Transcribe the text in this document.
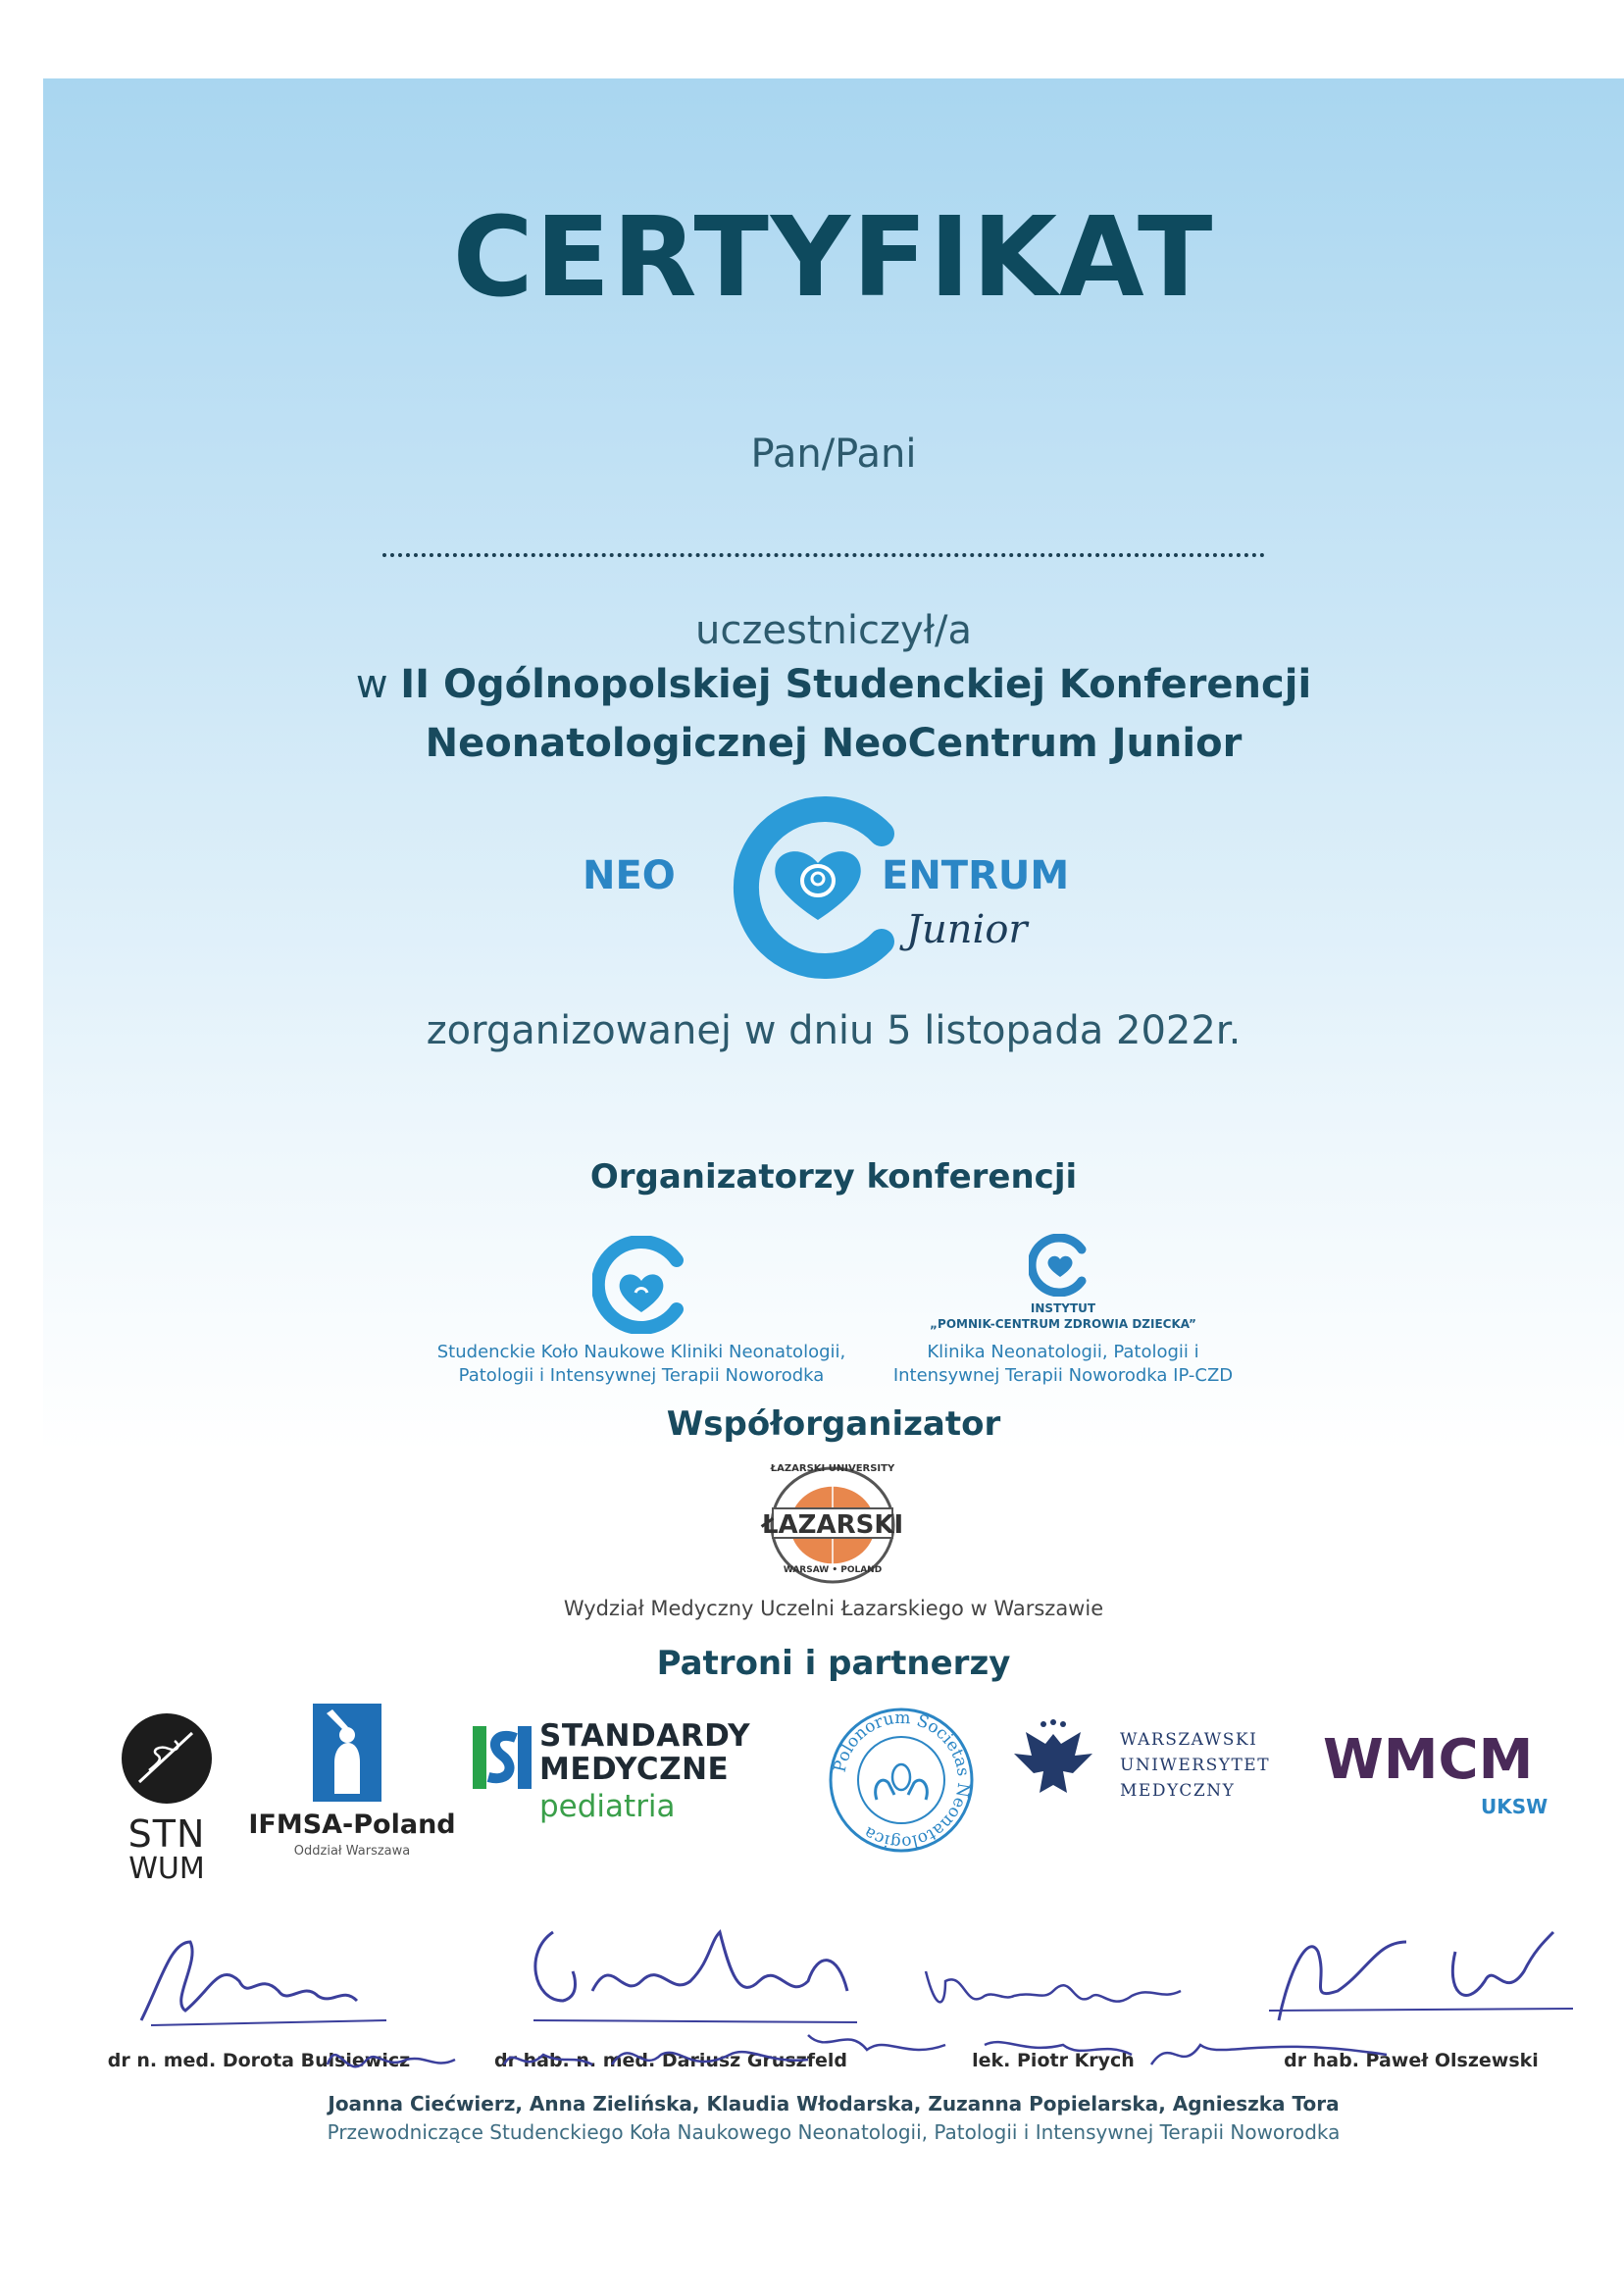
CERTYFIKAT
Pan/Pani
uczestniczył/a
w II Ogólnopolskiej Studenckiej Konferencji
Neonatologicznej NeoCentrum Junior
NEO	ENTRUM
Junior
zorganizowanej w dniu 5 listopada 2022r.
Organizatorzy konferencji
Studenckie Koło Naukowe Kliniki Neonatologii,
Patologii i Intensywnej Terapii Noworodka
INSTYTUT
„POMNIK-CENTRUM ZDROWIA DZIECKA”
Klinika Neonatologii, Patologii i
Intensywnej Terapii Noworodka IP-CZD
Współorganizator
ŁAZARSKI UNIVERSITY
ŁAZARSKI
WARSAW • POLAND
Wydział Medyczny Uczelni Łazarskiego w Warszawie
Patroni i partnerzy
STN
WUM
IFMSA-Poland
Oddział Warszawa
STANDARDY
MEDYCZNE
pediatria
Polonorum Societas Neonatologica
WARSZAWSKI
UNIWERSYTET
MEDYCZNY WMCM
UKSW
dr n. med. Dorota Bulsiewicz	dr hab. n. med. Dariusz Gruszfeld	lek. Piotr Krych	dr hab. Paweł Olszewski
Joanna Ciećwierz, Anna Zielińska, Klaudia Włodarska, Zuzanna Popielarska, Agnieszka Tora
Przewodniczące Studenckiego Koła Naukowego Neonatologii, Patologii i Intensywnej Terapii Noworodka
